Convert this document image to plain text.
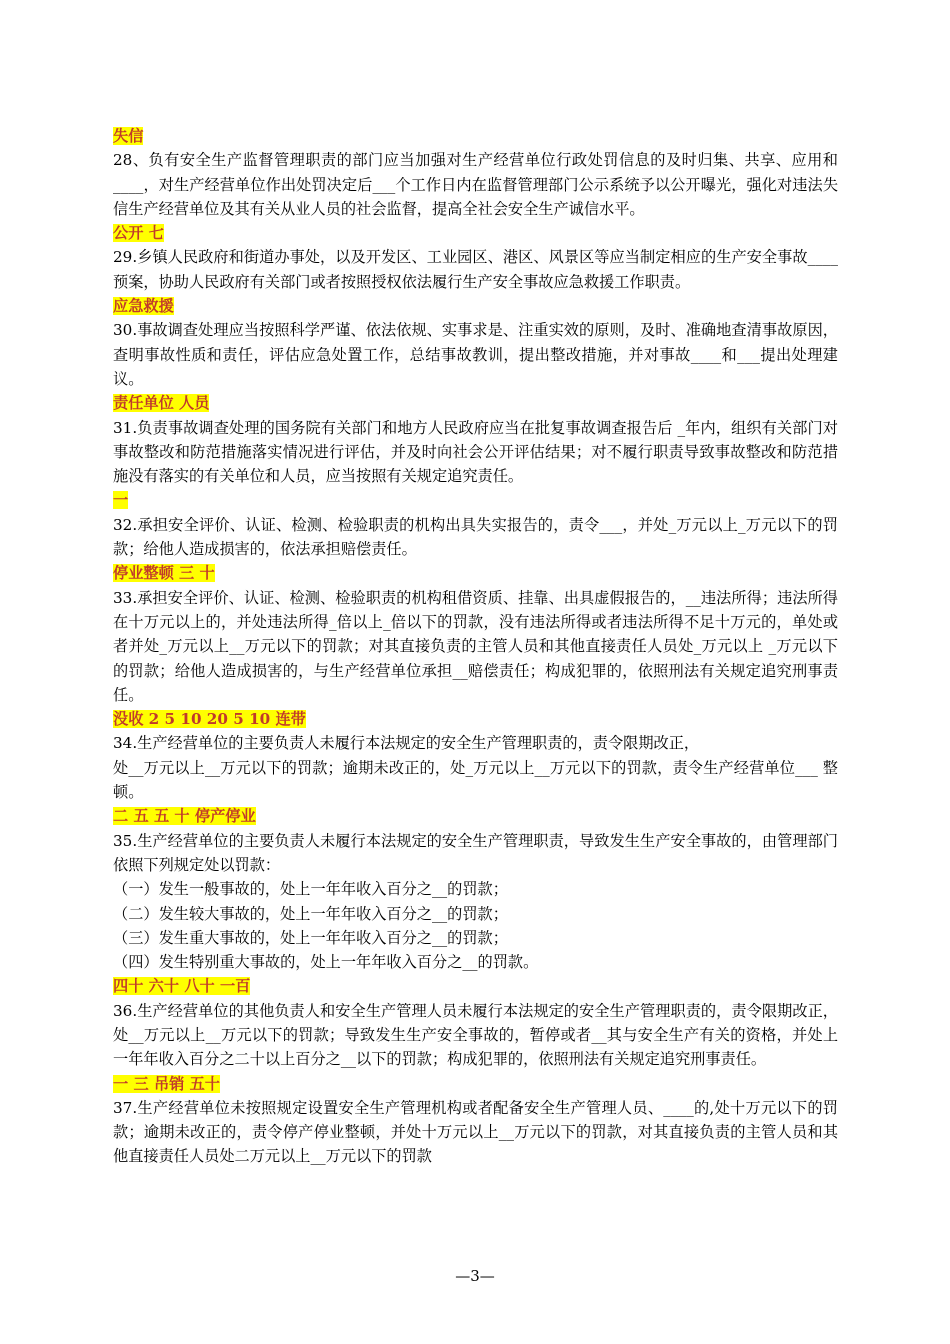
失信

28、负有安全生产监督管理职责的部门应当加强对生产经营单位行政处罚信息的及时归集、共享、应用和____，对生产经营单位作出处罚决定后___个工作日内在监督管理部门公示系统予以公开曝光，强化对违法失信生产经营单位及其有关从业人员的社会监督，提高全社会安全生产诚信水平。

公开 七

29.乡镇人民政府和街道办事处，以及开发区、工业园区、港区、风景区等应当制定相应的生产安全事故____预案，协助人民政府有关部门或者按照授权依法履行生产安全事故应急救援工作职责。

应急救援

30.事故调查处理应当按照科学严谨、依法依规、实事求是、注重实效的原则，及时、准确地查清事故原因，查明事故性质和责任，评估应急处置工作，总结事故教训，提出整改措施，并对事故____和___提出处理建议。

责任单位 人员

31.负责事故调查处理的国务院有关部门和地方人民政府应当在批复事故调查报告后 _年内，组织有关部门对事故整改和防范措施落实情况进行评估，并及时向社会公开评估结果；对不履行职责导致事故整改和防范措施没有落实的有关单位和人员，应当按照有关规定追究责任。

一

32.承担安全评价、认证、检测、检验职责的机构出具失实报告的，责令___，并处_万元以上_万元以下的罚款；给他人造成损害的，依法承担赔偿责任。

停业整顿 三 十

33.承担安全评价、认证、检测、检验职责的机构租借资质、挂靠、出具虚假报告的，__违法所得；违法所得在十万元以上的，并处违法所得_倍以上_倍以下的罚款，没有违法所得或者违法所得不足十万元的，单处或者并处_万元以上__万元以下的罚款；对其直接负责的主管人员和其他直接责任人员处_万元以上 _万元以下的罚款；给他人造成损害的，与生产经营单位承担__赔偿责任；构成犯罪的，依照刑法有关规定追究刑事责任。

没收 2 5 10 20 5 10 连带

34.生产经营单位的主要负责人未履行本法规定的安全生产管理职责的，责令限期改正，

处__万元以上__万元以下的罚款；逾期未改正的，处_万元以上__万元以下的罚款，责令生产经营单位___ 整顿。

二 五 五 十 停产停业

35.生产经营单位的主要负责人未履行本法规定的安全生产管理职责，导致发生生产安全事故的，由管理部门依照下列规定处以罚款：

（一）发生一般事故的，处上一年年收入百分之__的罚款；

（二）发生较大事故的，处上一年年收入百分之__的罚款；

（三）发生重大事故的，处上一年年收入百分之__的罚款；

（四）发生特别重大事故的，处上一年年收入百分之__的罚款。

四十 六十 八十 一百

36.生产经营单位的其他负责人和安全生产管理人员未履行本法规定的安全生产管理职责的，责令限期改正，处__万元以上__万元以下的罚款；导致发生生产安全事故的，暂停或者__其与安全生产有关的资格，并处上一年年收入百分之二十以上百分之__以下的罚款；构成犯罪的，依照刑法有关规定追究刑事责任。

一 三 吊销 五十

37.生产经营单位未按照规定设置安全生产管理机构或者配备安全生产管理人员、____的,处十万元以下的罚款；逾期未改正的，责令停产停业整顿，并处十万元以上__万元以下的罚款，对其直接负责的主管人员和其他直接责任人员处二万元以上__万元以下的罚款

—3—
